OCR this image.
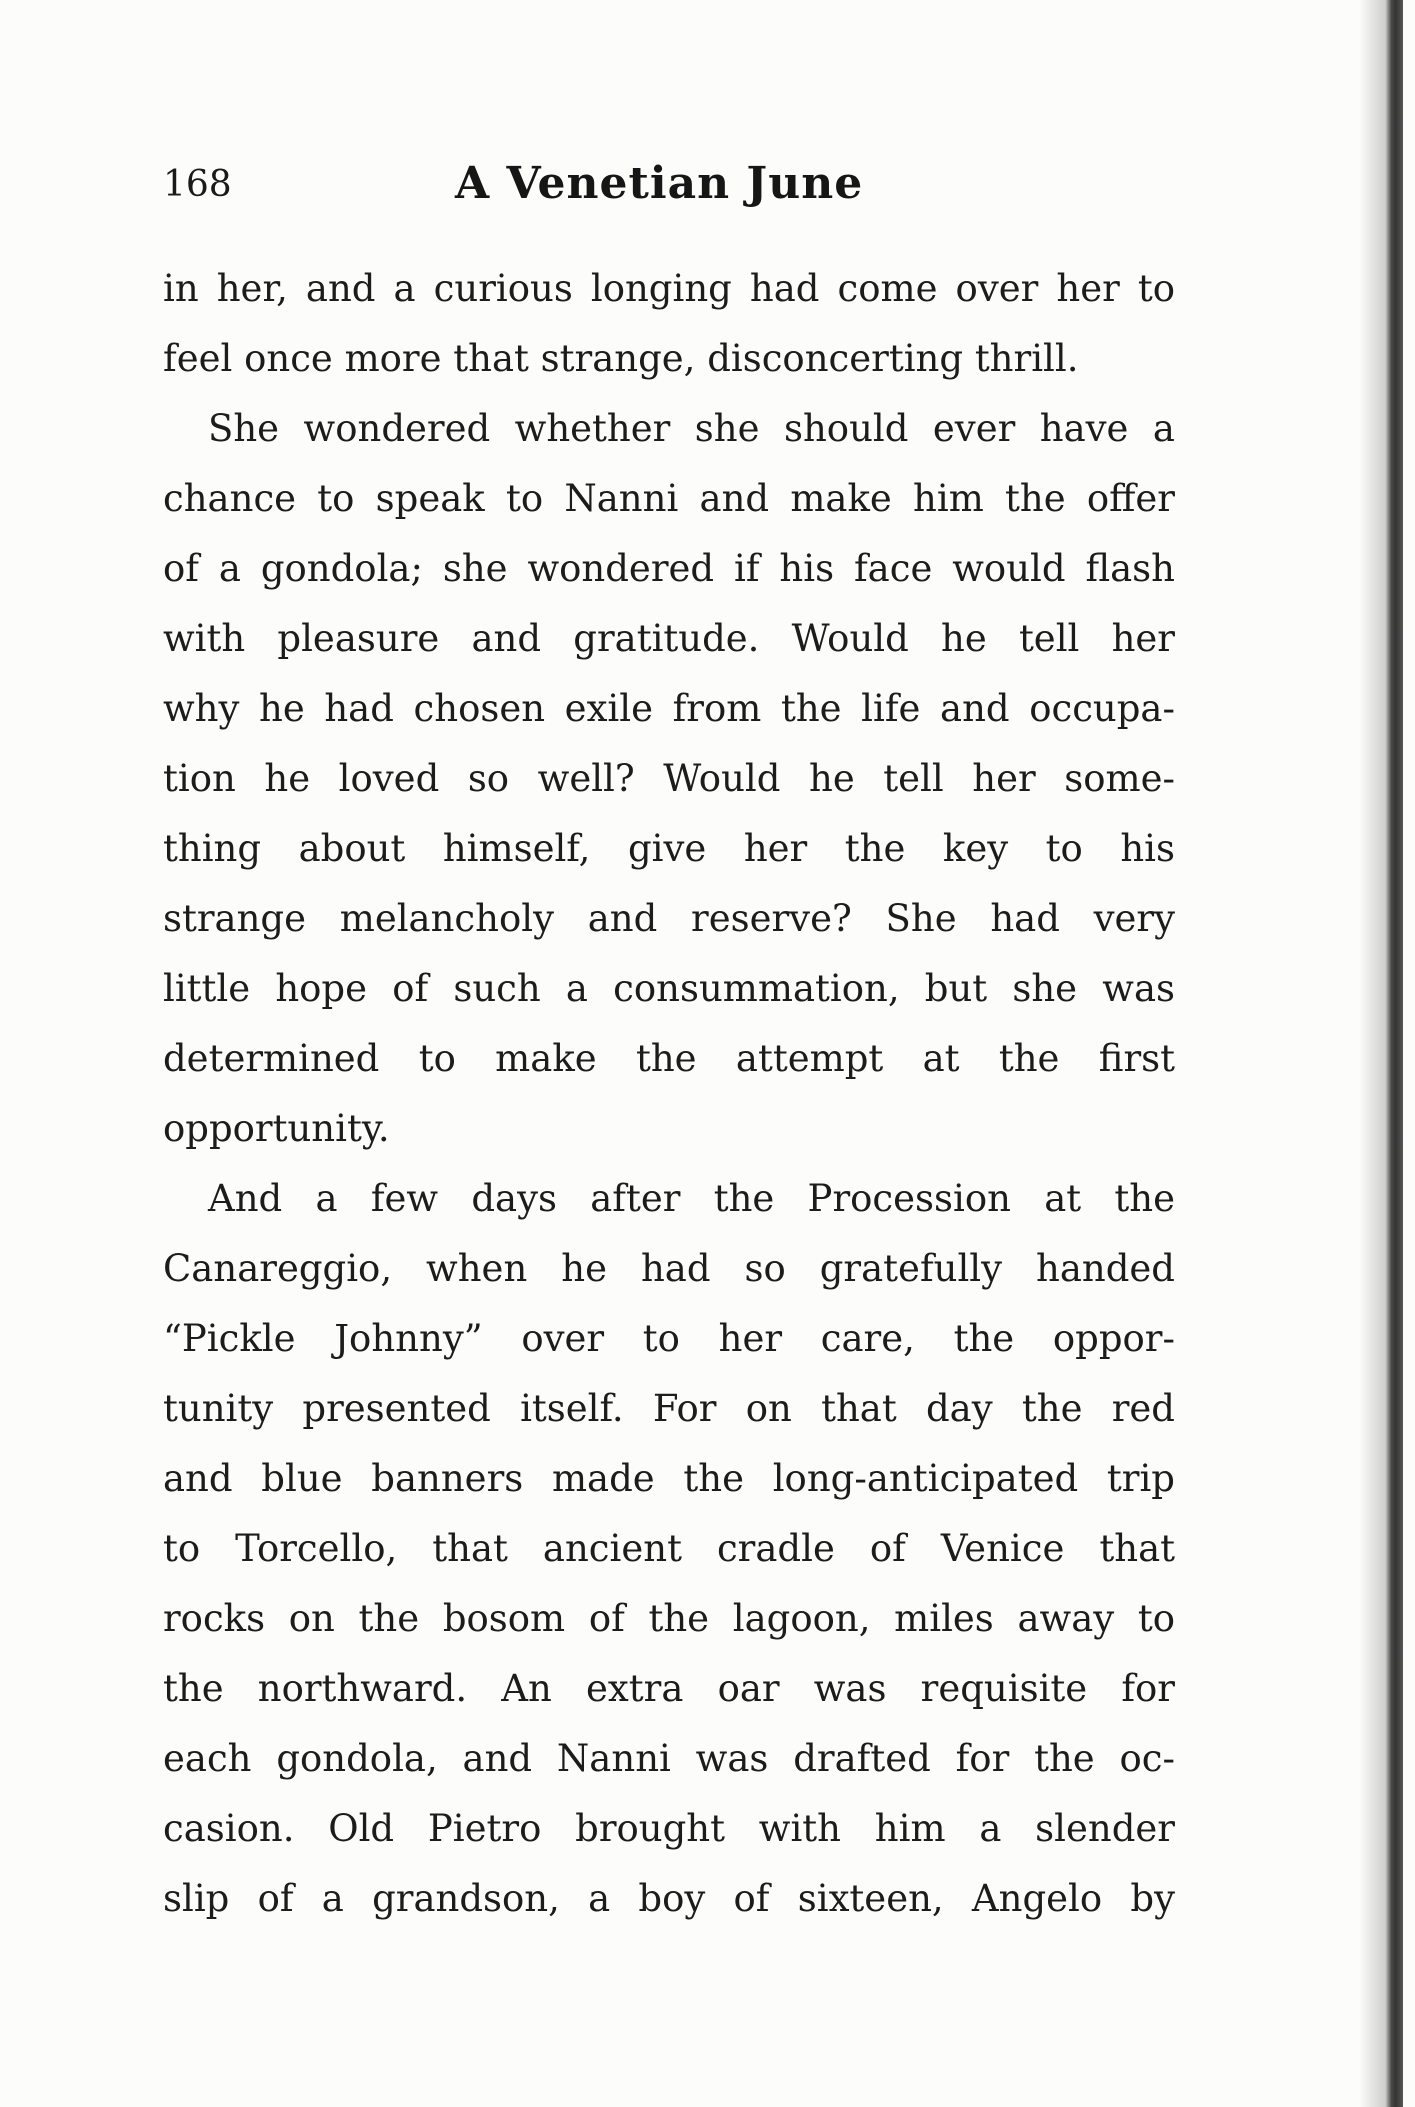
168	A Venetian June
in her, and a curious longing had come over her to
feel once more that strange, disconcerting thrill.
She wondered whether she should ever have a
chance to speak to Nanni and make him the offer
of a gondola; she wondered if his face would flash
with pleasure and gratitude. Would he tell her
why he had chosen exile from the life and occupa-
tion he loved so well? Would he tell her some-
thing about himself, give her the key to his
strange melancholy and reserve? She had very
little hope of such a consummation, but she was
determined to make the attempt at the first
opportunity.
And a few days after the Procession at the
Canareggio, when he had so gratefully handed
“Pickle Johnny” over to her care, the oppor-
tunity presented itself. For on that day the red
and blue banners made the long-anticipated trip
to Torcello, that ancient cradle of Venice that
rocks on the bosom of the lagoon, miles away to
the northward. An extra oar was requisite for
each gondola, and Nanni was drafted for the oc-
casion. Old Pietro brought with him a slender
slip of a grandson, a boy of sixteen, Angelo by
